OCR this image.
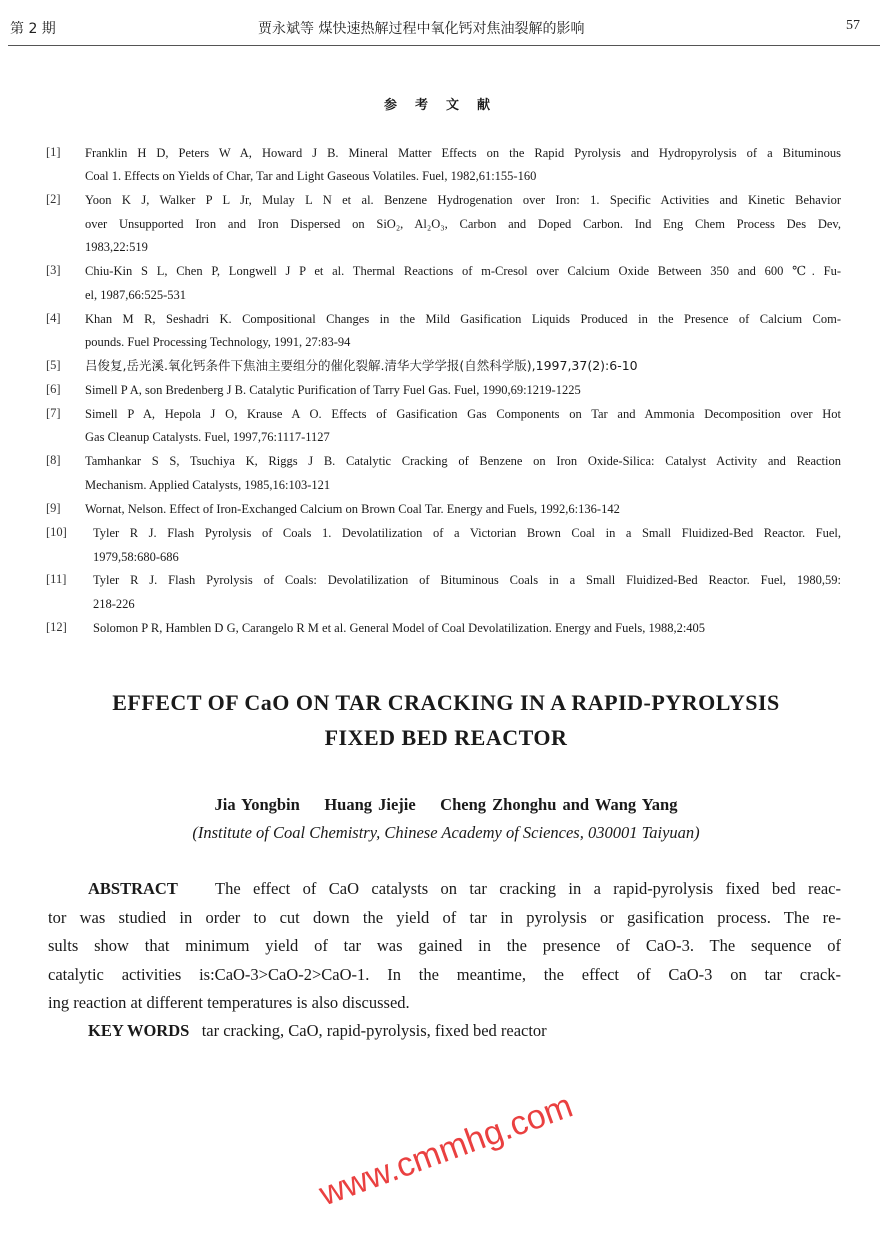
第 2 期	贾永斌等 煤快速热解过程中氧化钙对焦油裂解的影响	57
参考文献
[1] Franklin H D, Peters W A, Howard J B. Mineral Matter Effects on the Rapid Pyrolysis and Hydropyrolysis of a Bituminous
Coal 1. Effects on Yields of Char, Tar and Light Gaseous Volatiles. Fuel, 1982,61:155-160
[2] Yoon K J, Walker P L Jr, Mulay L N et al. Benzene Hydrogenation over Iron: 1. Specific Activities and Kinetic Behavior
over Unsupported Iron and Iron Dispersed on SiO₂, Al₂O₃, Carbon and Doped Carbon. Ind Eng Chem Process Des Dev,
1983,22:519
[3] Chiu-Kin S L, Chen P, Longwell J P et al. Thermal Reactions of m-Cresol over Calcium Oxide Between 350 and 600 ℃. Fu-
el, 1987,66:525-531
[4] Khan M R, Seshadri K. Compositional Changes in the Mild Gasification Liquids Produced in the Presence of Calcium Com-
pounds. Fuel Processing Technology, 1991, 27:83-94
[5] 吕俊复,岳光溪.氧化钙条件下焦油主要组分的催化裂解.清华大学学报(自然科学版),1997,37(2):6-10
[6] Simell P A, son Bredenberg J B. Catalytic Purification of Tarry Fuel Gas. Fuel, 1990,69:1219-1225
[7] Simell P A, Hepola J O, Krause A O. Effects of Gasification Gas Components on Tar and Ammonia Decomposition over Hot
Gas Cleanup Catalysts. Fuel, 1997,76:1117-1127
[8] Tamhankar S S, Tsuchiya K, Riggs J B. Catalytic Cracking of Benzene on Iron Oxide-Silica: Catalyst Activity and Reaction
Mechanism. Applied Catalysts, 1985,16:103-121
[9] Wornat, Nelson. Effect of Iron-Exchanged Calcium on Brown Coal Tar. Energy and Fuels, 1992,6:136-142
[10] Tyler R J. Flash Pyrolysis of Coals 1. Devolatilization of a Victorian Brown Coal in a Small Fluidized-Bed Reactor. Fuel,
1979,58:680-686
[11] Tyler R J. Flash Pyrolysis of Coals: Devolatilization of Bituminous Coals in a Small Fluidized-Bed Reactor. Fuel, 1980,59:
218-226
[12] Solomon P R, Hamblen D G, Carangelo R M et al. General Model of Coal Devolatilization. Energy and Fuels, 1988,2:405
EFFECT OF CaO ON TAR CRACKING IN A RAPID-PYROLYSIS
FIXED BED REACTOR
Jia Yongbin    Huang Jiejie    Cheng Zhonghu and Wang Yang
(Institute of Coal Chemistry, Chinese Academy of Sciences, 030001 Taiyuan)
ABSTRACT The effect of CaO catalysts on tar cracking in a rapid-pyrolysis fixed bed reac-
tor was studied in order to cut down the yield of tar in pyrolysis or gasification process. The re-
sults show that minimum yield of tar was gained in the presence of CaO-3. The sequence of
catalytic activities is:CaO-3>CaO-2>CaO-1. In the meantime, the effect of CaO-3 on tar crack-
ing reaction at different temperatures is also discussed.
KEY WORDS tar cracking, CaO, rapid-pyrolysis, fixed bed reactor
www.cmmhg.com
